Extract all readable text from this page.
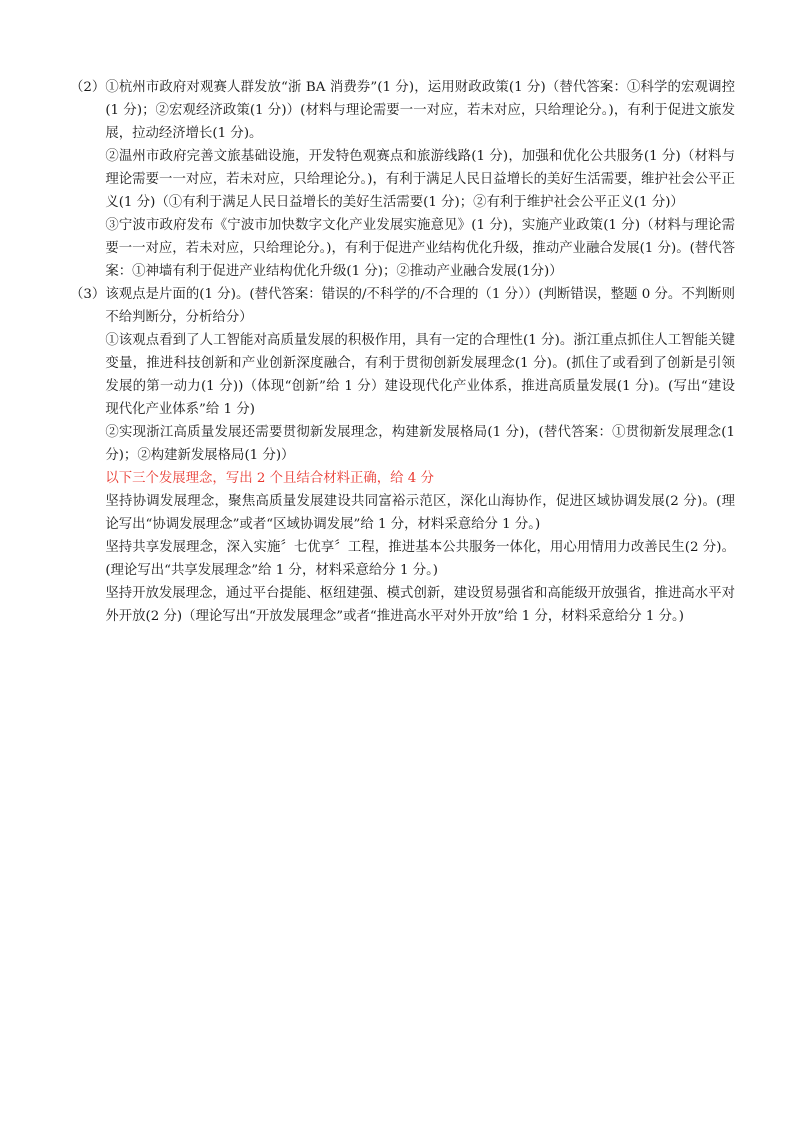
（2） ①杭州市政府对观赛人群发放“浙 BA 消费券”(1 分)，运用财政政策(1 分)（替代答案：①科学的宏观调控(1 分)；②宏观经济政策(1 分)）(材料与理论需要一一对应，若未对应，只给理论分。)，有利于促进文旅发展，拉动经济增长(1 分)。

②温州市政府完善文旅基础设施，开发特色观赛点和旅游线路(1 分)，加强和优化公共服务(1 分)（材料与理论需要一一对应，若未对应，只给理论分。)，有利于满足人民日益增长的美好生活需要，维护社会公平正义(1 分)（①有利于满足人民日益增长的美好生活需要(1 分)；②有利于维护社会公平正义(1 分)）

③宁波市政府发布《宁波市加快数字文化产业发展实施意见》(1 分)，实施产业政策(1 分)（材料与理论需要一一对应，若未对应，只给理论分。)，有利于促进产业结构优化升级，推动产业融合发展(1 分)。(替代答案：①神墙有利于促进产业结构优化升级(1 分)；②推动产业融合发展(1分)）

（3） 该观点是片面的(1 分)。(替代答案：错误的/不科学的/不合理的（1 分））(判断错误，整题 0 分。不判断则不给判断分，分析给分）

①该观点看到了人工智能对高质量发展的积极作用，具有一定的合理性(1 分)。浙江重点抓住人工智能关键变量，推进科技创新和产业创新深度融合，有利于贯彻创新发展理念(1 分)。(抓住了或看到了创新是引领发展的第一动力(1 分))（体现“创新”给 1 分）建设现代化产业体系，推进高质量发展(1 分)。(写出“建设现代化产业体系”给 1 分)

②实现浙江高质量发展还需要贯彻新发展理念，构建新发展格局(1 分)，(替代答案：①贯彻新发展理念(1 分)；②构建新发展格局(1 分)）

以下三个发展理念，写出 2 个且结合材料正确，给 4 分

坚持协调发展理念，聚焦高质量发展建设共同富裕示范区，深化山海协作，促进区域协调发展(2 分)。(理论写出“协调发展理念”或者“区域协调发展”给 1 分，材料采意给分 1 分。)

坚持共享发展理念，深入实施〞七优享〞工程，推进基本公共服务一体化，用心用情用力改善民生(2 分)。(理论写出“共享发展理念”给 1 分，材料采意给分 1 分。)

坚持开放发展理念，通过平台提能、枢纽建强、模式创新，建设贸易强省和高能级开放强省，推进高水平对外开放(2 分)（理论写出“开放发展理念”或者“推进高水平对外开放”给 1 分，材料采意给分 1 分。)
